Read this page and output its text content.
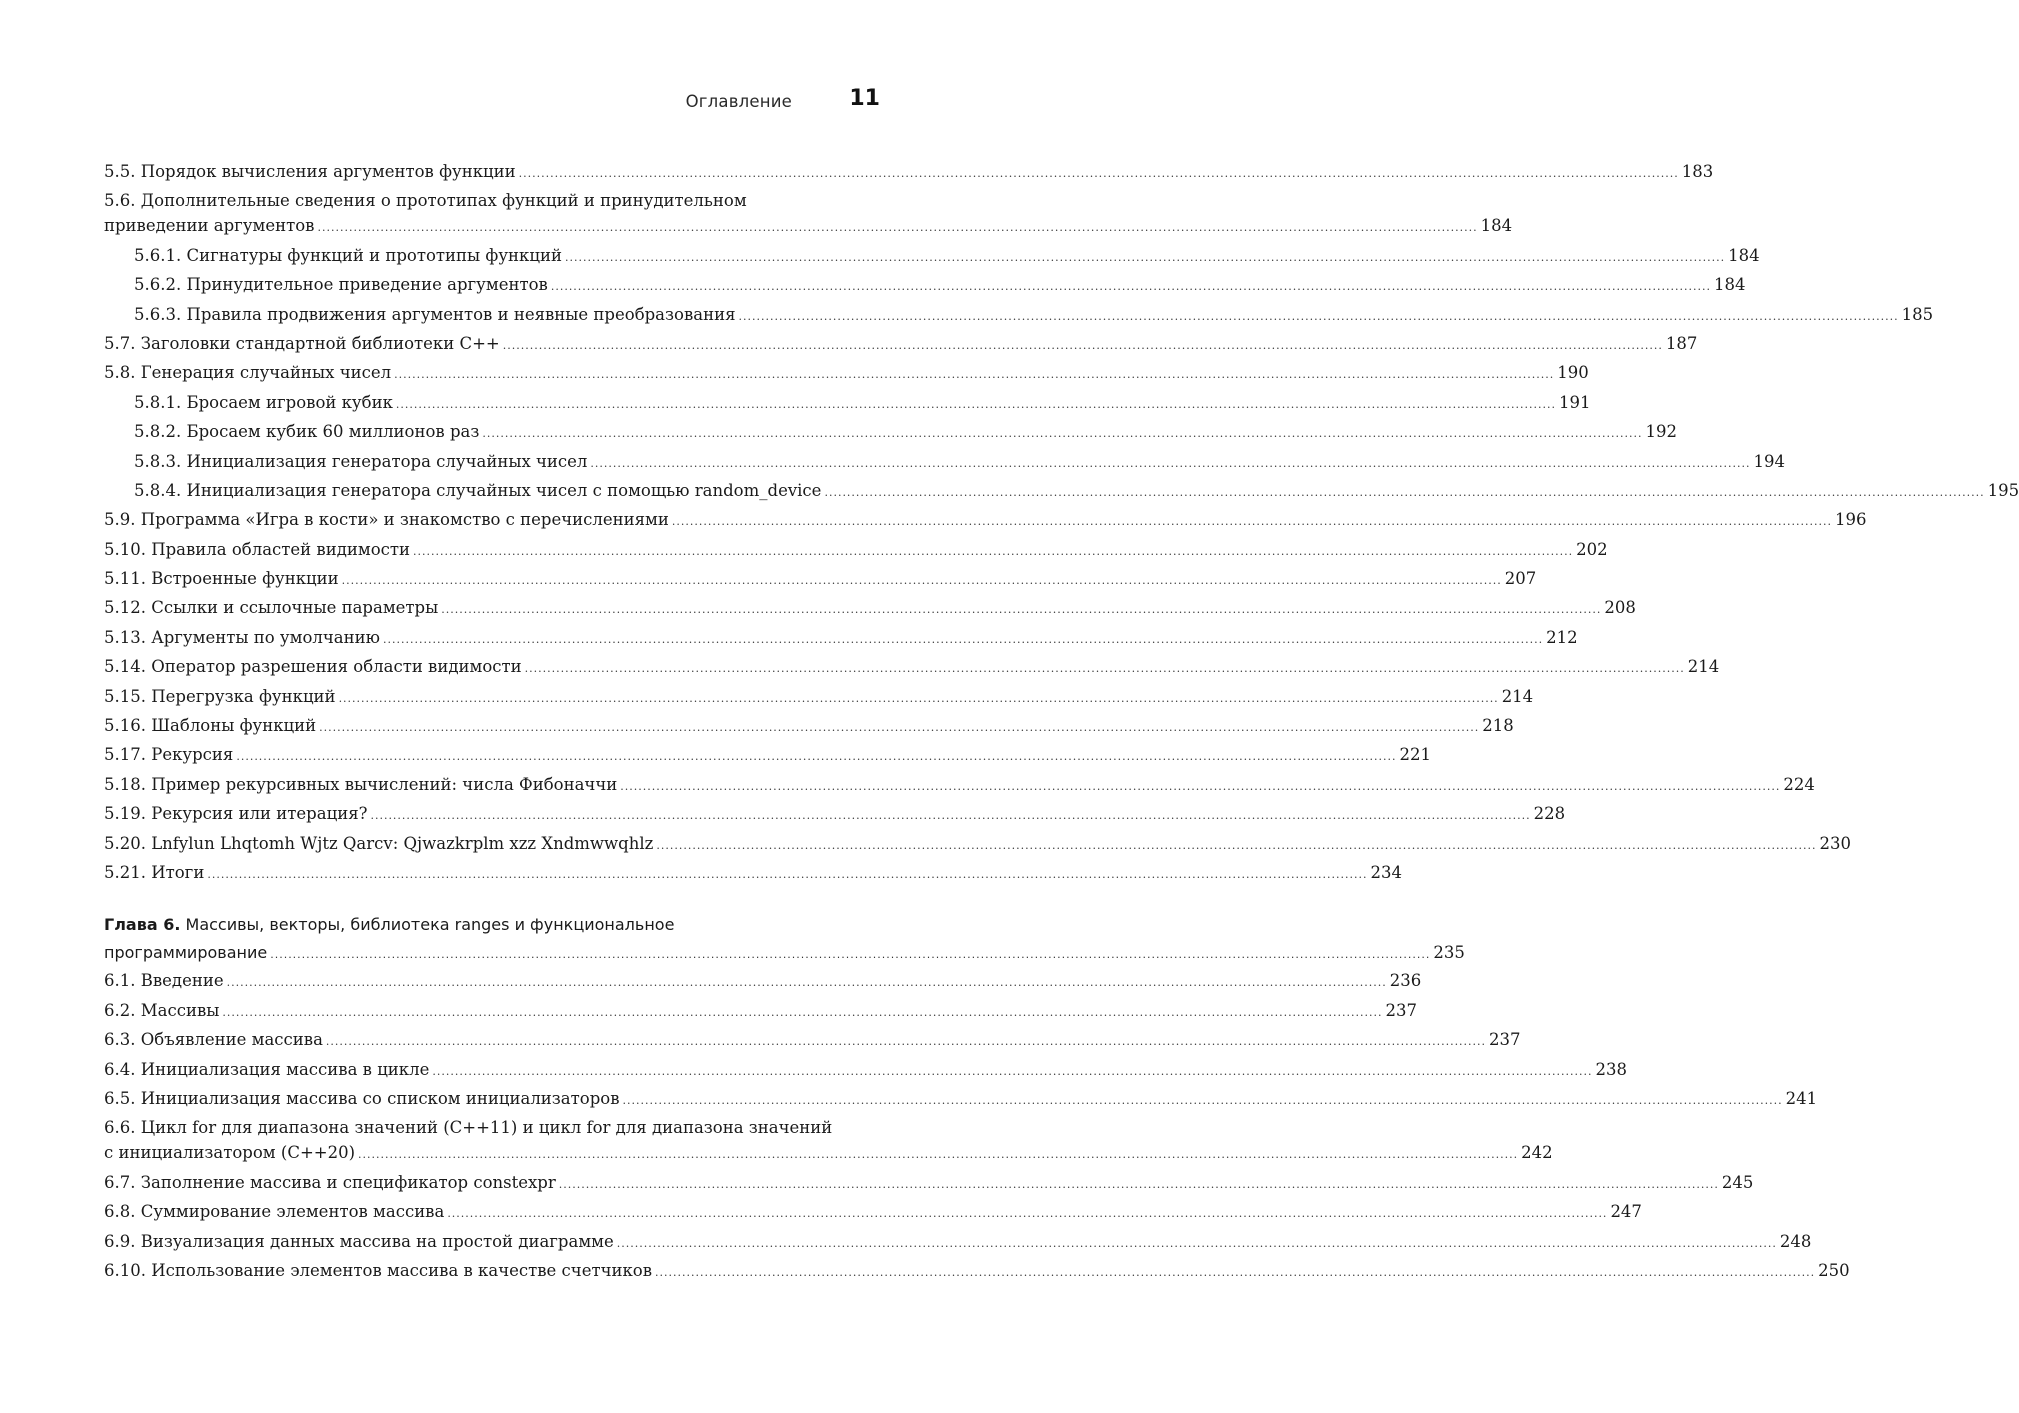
Оглавление	11
5.5. Порядок вычисления аргументов функции .....	183
5.6. Дополнительные сведения о прототипах функций и принудительном
приведении аргументов .....	184
5.6.1. Сигнатуры функций и прототипы функций .....	184
5.6.2. Принудительное приведение аргументов .....	184
5.6.3. Правила продвижения аргументов и неявные преобразования .....	185
5.7. Заголовки стандартной библиотеки C++ .....	187
5.8. Генерация случайных чисел .....	190
5.8.1. Бросаем игровой кубик .....	191
5.8.2. Бросаем кубик 60 миллионов раз .....	192
5.8.3. Инициализация генератора случайных чисел .....	194
5.8.4. Инициализация генератора случайных чисел с помощью random_device .....	195
5.9. Программа «Игра в кости» и знакомство с перечислениями .....	196
5.10. Правила областей видимости .....	202
5.11. Встроенные функции .....	207
5.12. Ссылки и ссылочные параметры .....	208
5.13. Аргументы по умолчанию .....	212
5.14. Оператор разрешения области видимости .....	214
5.15. Перегрузка функций .....	214
5.16. Шаблоны функций .....	218
5.17. Рекурсия .....	221
5.18. Пример рекурсивных вычислений: числа Фибоначчи .....	224
5.19. Рекурсия или итерация? .....	228
5.20. Lnfylun Lhqtomh Wjtz Qarcv: Qjwazkrplm xzz Xndmwwqhlz .....	230
5.21. Итоги .....	234
Глава 6. Массивы, векторы, библиотека ranges и функциональное
программирование .................................................................................................................................................................................................................................................................. 235
6.1. Введение .....	236
6.2. Массивы .....	237
6.3. Объявление массива .....	237
6.4. Инициализация массива в цикле .....	238
6.5. Инициализация массива со списком инициализаторов .....	241
6.6. Цикл for для диапазона значений (C++11) и цикл for для диапазона значений
с инициализатором (C++20) .....	242
6.7. Заполнение массива и спецификатор constexpr .....	245
6.8. Суммирование элементов массива .....	247
6.9. Визуализация данных массива на простой диаграмме .....	248
6.10. Использование элементов массива в качестве счетчиков .....	250
